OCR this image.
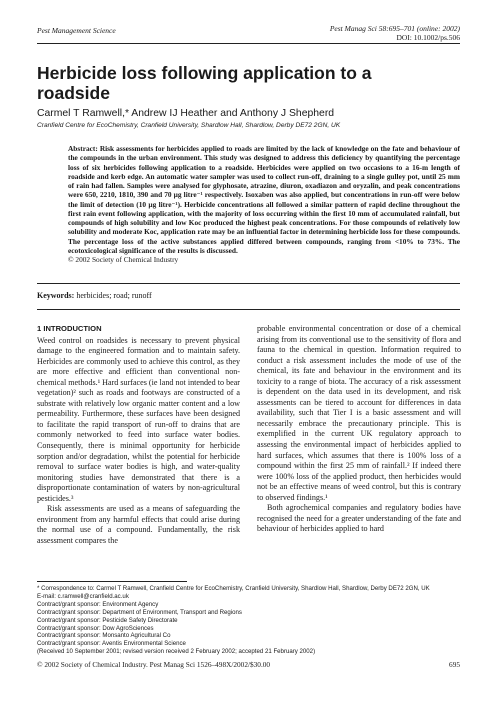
Pest Management Science	Pest Manag Sci 58:695–701 (online: 2002)
DOI: 10.1002/ps.506
Herbicide loss following application to a roadside
Carmel T Ramwell,* Andrew IJ Heather and Anthony J Shepherd
Cranfield Centre for EcoChemistry, Cranfield University, Shardlow Hall, Shardlow, Derby DE72 2GN, UK
Abstract: Risk assessments for herbicides applied to roads are limited by the lack of knowledge on the fate and behaviour of the compounds in the urban environment. This study was designed to address this deficiency by quantifying the percentage loss of six herbicides following application to a roadside. Herbicides were applied on two occasions to a 16-m length of roadside and kerb edge. An automatic water sampler was used to collect run-off, draining to a single gulley pot, until 25 mm of rain had fallen. Samples were analysed for glyphosate, atrazine, diuron, oxadiazon and oryzalin, and peak concentrations were 650, 2210, 1810, 390 and 70 µg litre⁻¹ respectively. Isoxaben was also applied, but concentrations in run-off were below the limit of detection (10 µg litre⁻¹). Herbicide concentrations all followed a similar pattern of rapid decline throughout the first rain event following application, with the majority of loss occurring within the first 10 mm of accumulated rainfall, but compounds of high solubility and low Koc produced the highest peak concentrations. For those compounds of relatively low solubility and moderate Koc, application rate may be an influential factor in determining herbicide loss for these compounds. The percentage loss of the active substances applied differed between compounds, ranging from <10% to 73%. The ecotoxicological significance of the results is discussed.
© 2002 Society of Chemical Industry
Keywords: herbicides; road; runoff
1 INTRODUCTION

Weed control on roadsides is necessary to prevent physical damage to the engineered formation and to maintain safety. Herbicides are commonly used to achieve this control, as they are more effective and efficient than conventional non-chemical methods.¹ Hard surfaces (ie land not intended to bear vegetation)² such as roads and footways are constructed of a substrate with relatively low organic matter content and a low permeability. Furthermore, these surfaces have been designed to facilitate the rapid transport of run-off to drains that are commonly networked to feed into surface water bodies. Consequently, there is minimal opportunity for herbicide sorption and/or degradation, whilst the potential for herbicide removal to surface water bodies is high, and water-quality monitoring studies have demonstrated that there is a disproportionate contamination of waters by non-agricultural pesticides.³

Risk assessments are used as a means of safeguarding the environment from any harmful effects that could arise during the normal use of a compound. Fundamentally, the risk assessment compares the

probable environmental concentration or dose of a chemical arising from its conventional use to the sensitivity of flora and fauna to the chemical in question. Information required to conduct a risk assessment includes the mode of use of the chemical, its fate and behaviour in the environment and its toxicity to a range of biota. The accuracy of a risk assessment is dependent on the data used in its development, and risk assessments can be tiered to account for differences in data availability, such that Tier I is a basic assessment and will necessarily embrace the precautionary principle. This is exemplified in the current UK regulatory approach to assessing the environmental impact of herbicides applied to hard surfaces, which assumes that there is 100% loss of a compound within the first 25 mm of rainfall.² If indeed there were 100% loss of the applied product, then herbicides would not be an effective means of weed control, but this is contrary to observed findings.¹

Both agrochemical companies and regulatory bodies have recognised the need for a greater understanding of the fate and behaviour of herbicides applied to hard

* Correspondence to: Carmel T Ramwell, Cranfield Centre for EcoChemistry, Cranfield University, Shardlow Hall, Shardlow, Derby DE72 2GN, UK
E-mail: c.ramwell@cranfield.ac.uk
Contract/grant sponsor: Environment Agency
Contract/grant sponsor: Department of Environment, Transport and Regions
Contract/grant sponsor: Pesticide Safety Directorate
Contract/grant sponsor: Dow AgroSciences
Contract/grant sponsor: Monsanto Agricultural Co
Contract/grant sponsor: Aventis Environmental Science
(Received 10 September 2001; revised version received 2 February 2002; accepted 21 February 2002)
© 2002 Society of Chemical Industry. Pest Manag Sci 1526–498X/2002/$30.00	695
